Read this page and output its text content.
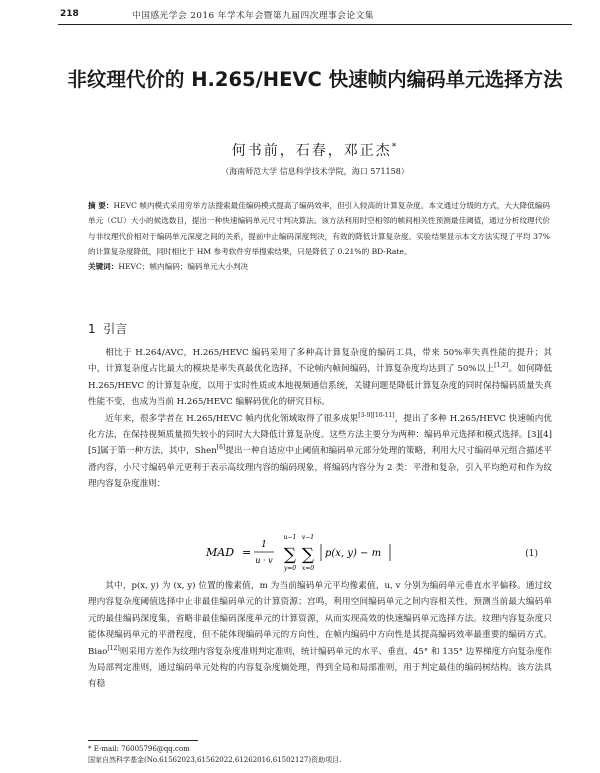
218	中国感光学会 2016 年学术年会暨第九届四次理事会论文集
非纹理代价的 H.265/HEVC 快速帧内编码单元选择方法
何书前，石春，邓正杰*
（海南师范大学 信息科学技术学院，海口 571158）
摘 要：HEVC 帧内模式采用穷举方法搜索最佳编码模式提高了编码效率，但引入较高的计算复杂度。本文通过分级的方式，大大降低编码单元（CU）大小的候选数目，提出一种快速编码单元尺寸判决算法。该方法利用时空相邻的帧间相关性预测最佳阈值，通过分析纹理代价与非纹理代价相对于编码单元深度之间的关系，提前中止编码深度判决，有效的降低计算复杂度。实验结果显示本文方法实现了平均 37%的计算复杂度降低，同时相比于 HM 参考软件穷举搜索结果，只是降低了 0.21%的 BD-Rate。
关键词：HEVC；帧内编码；编码单元大小判决
1 引言

相比于 H.264/AVC，H.265/HEVC 编码采用了多种高计算复杂度的编码工具，带来 50%率失真性能的提升；其中，计算复杂度占比最大的模块是率失真最优化选择，不论帧内帧间编码，计算复杂度均达到了 50%以上[1,2]。如何降低 H.265/HEVC 的计算复杂度，以用于实时性质或本地视频通信系统，关键问题是降低计算复杂度的同时保持编码质量失真性能不变，也成为当前 H.265/HEVC 编解码优化的研究目标。

近年来，很多学者在 H.265/HEVC 帧内优化领域取得了很多成果[3-9][10-11]，提出了多种 H.265/HEVC 快速帧内优化方法，在保持视频质量损失较小的同时大大降低计算复杂度。这些方法主要分为两种：编码单元选择和模式选择。[3][4][5]属于第一种方法，其中，Shen[6]提出一种自适应中止阈值和编码单元部分处理的策略，利用大尺寸编码单元组合描述平滑内容，小尺寸编码单元更利于表示高纹理内容的编码现象，将编码内容分为 2 类：平滑和复杂，引入平均绝对和作为纹理内容复杂度准则：

MAD =
1
u · v
u−1
∑
y=0
v−1
∑
x=0
p(x, y) − m	(1)

其中，p(x, y) 为 (x, y) 位置的像素值，m 为当前编码单元平均像素值，u, v 分别为编码单元垂直水平偏移。通过纹理内容复杂度阈值选择中止非最佳编码单元的计算资源；宫鸣，利用空间编码单元之间内容相关性，预测当前最大编码单元的最佳编码深度集，省略非最佳编码深度单元的计算资源，从而实现高效的快速编码单元选择方法。纹理内容复杂度只能体现编码单元的平滑程度，但不能体现编码单元的方向性，在帧内编码中方向性是其提高编码效率最重要的编码方式。Biao[12]则采用方差作为纹理内容复杂度准则判定准则，统计编码单元的水平、垂直、45° 和 135° 边界梯度方向复杂度作为局部判定准则，通过编码单元处构的内容复杂度熵处理，得到全局和局部准则，用于判定最佳的编码树结构。该方法具有稳

* E-mail: 76005796@qq.com
国家自然科学基金(No.61562023,61562022,61262016,61502127)资助项目.
